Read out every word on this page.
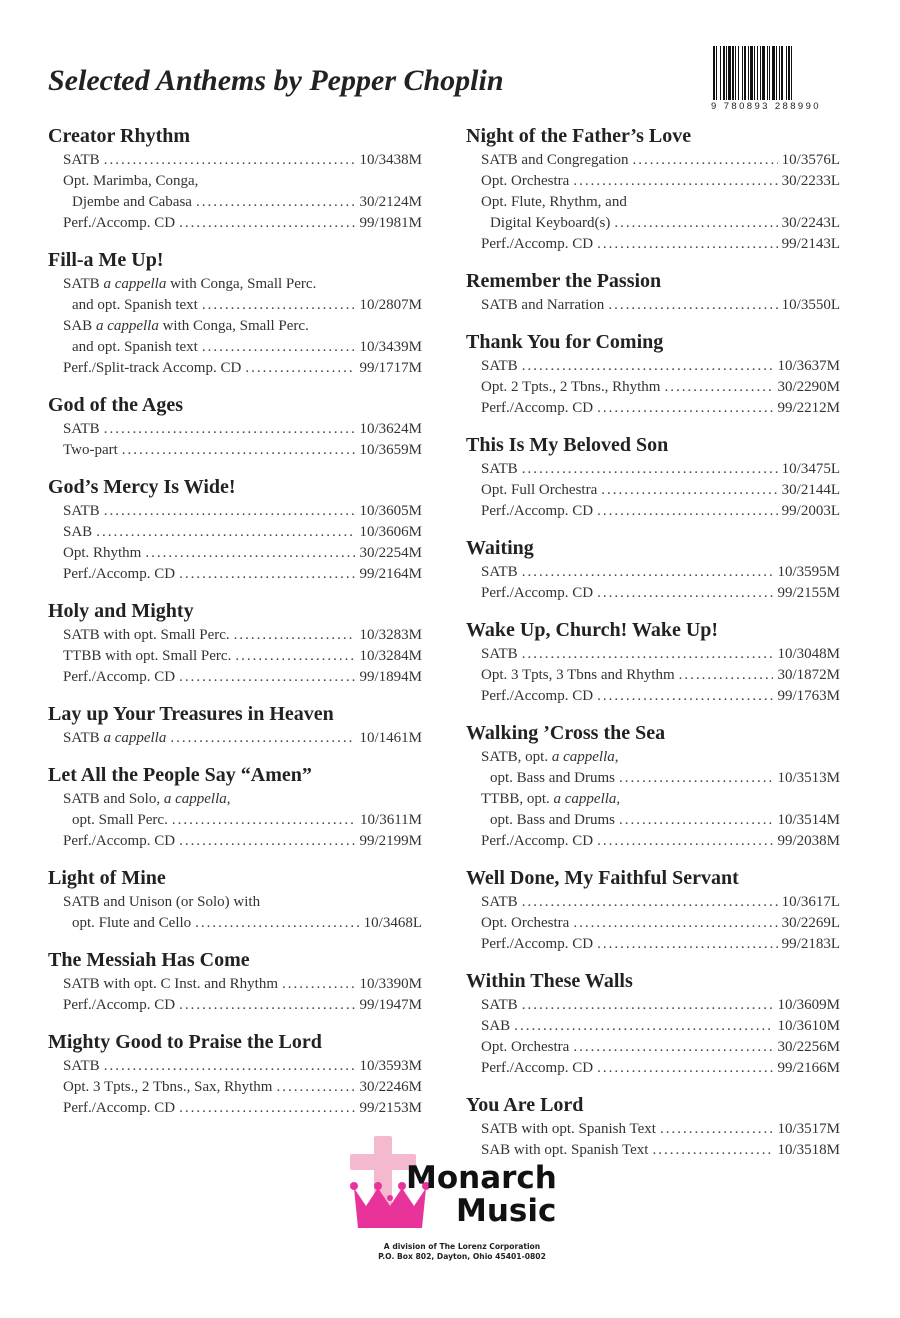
Selected Anthems by Pepper Choplin
9 780893 288990
Creator Rhythm
SATB .....	10/3438M
Opt. Marimba, Conga,
Djembe and Cabasa .....	30/2124M
Perf./Accomp. CD .....	99/1981M
Fill-a Me Up!
SATB a cappella with Conga, Small Perc.
and opt. Spanish text .....	10/2807M
SAB a cappella with Conga, Small Perc.
and opt. Spanish text .....	10/3439M
Perf./Split-track Accomp. CD .....	99/1717M
God of the Ages
SATB .....	10/3624M
Two-part .....	10/3659M
God’s Mercy Is Wide!
SATB .....	10/3605M
SAB .....	10/3606M
Opt. Rhythm .....	30/2254M
Perf./Accomp. CD .....	99/2164M
Holy and Mighty
SATB with opt. Small Perc. .....	10/3283M
TTBB with opt. Small Perc. .....	10/3284M
Perf./Accomp. CD .....	99/1894M
Lay up Your Treasures in Heaven
SATB a cappella .....	10/1461M
Let All the People Say “Amen”
SATB and Solo, a cappella,
opt. Small Perc. .....	10/3611M
Perf./Accomp. CD .....	99/2199M
Light of Mine
SATB and Unison (or Solo) with
opt. Flute and Cello .....	10/3468L
The Messiah Has Come
SATB with opt. C Inst. and Rhythm .....	10/3390M
Perf./Accomp. CD .....	99/1947M
Mighty Good to Praise the Lord
SATB .....	10/3593M
Opt. 3 Tpts., 2 Tbns., Sax, Rhythm .....	30/2246M
Perf./Accomp. CD .....	99/2153M
Night of the Father’s Love
SATB and Congregation .....	10/3576L
Opt. Orchestra .....	30/2233L
Opt. Flute, Rhythm, and
Digital Keyboard(s) .....	30/2243L
Perf./Accomp. CD .....	99/2143L
Remember the Passion
SATB and Narration .....	10/3550L
Thank You for Coming
SATB .....	10/3637M
Opt. 2 Tpts., 2 Tbns., Rhythm .....	30/2290M
Perf./Accomp. CD .....	99/2212M
This Is My Beloved Son
SATB .....	10/3475L
Opt. Full Orchestra .....	30/2144L
Perf./Accomp. CD .....	99/2003L
Waiting
SATB .....	10/3595M
Perf./Accomp. CD .....	99/2155M
Wake Up, Church! Wake Up!
SATB .....	10/3048M
Opt. 3 Tpts, 3 Tbns and Rhythm .....	30/1872M
Perf./Accomp. CD .....	99/1763M
Walking ’Cross the Sea
SATB, opt. a cappella,
opt. Bass and Drums .....	10/3513M
TTBB, opt. a cappella,
opt. Bass and Drums .....	10/3514M
Perf./Accomp. CD .....	99/2038M
Well Done, My Faithful Servant
SATB .....	10/3617L
Opt. Orchestra .....	30/2269L
Perf./Accomp. CD .....	99/2183L
Within These Walls
SATB .....	10/3609M
SAB .....	10/3610M
Opt. Orchestra .....	30/2256M
Perf./Accomp. CD .....	99/2166M
You Are Lord
SATB with opt. Spanish Text .....	10/3517M
SAB with opt. Spanish Text .....	10/3518M
Monarch
Music
A division of The Lorenz Corporation
P.O. Box 802, Dayton, Ohio 45401-0802
